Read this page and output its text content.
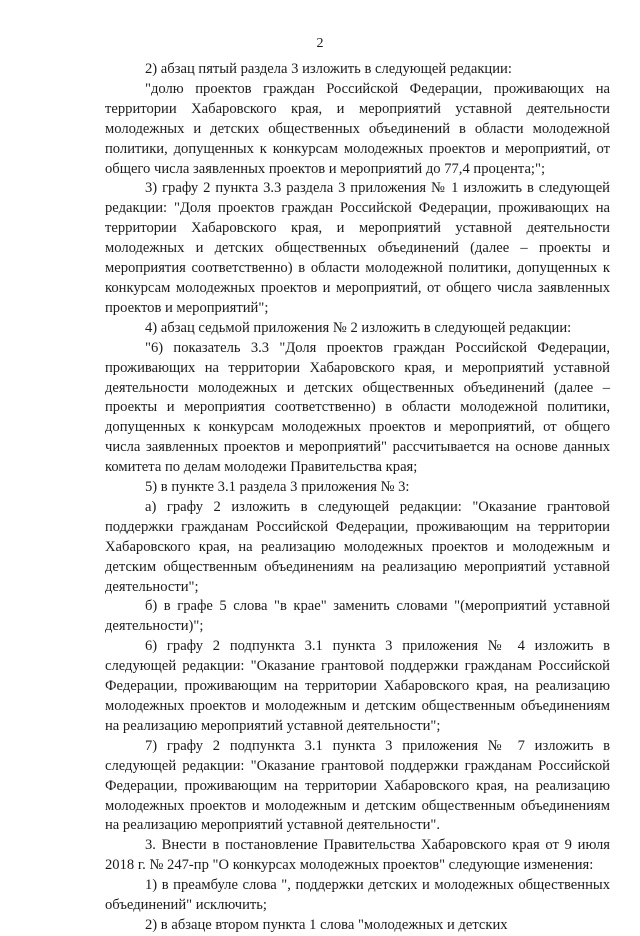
2

2) абзац пятый раздела 3 изложить в следующей редакции:

"долю проектов граждан Российской Федерации, проживающих на территории Хабаровского края, и мероприятий уставной деятельности молодежных и детских общественных объединений в области молодежной политики, допущенных к конкурсам молодежных проектов и мероприятий, от общего числа заявленных проектов и мероприятий до 77,4 процента;";

3) графу 2 пункта 3.3 раздела 3 приложения № 1 изложить в следующей редакции: "Доля проектов граждан Российской Федерации, проживающих на территории Хабаровского края, и мероприятий уставной деятельности молодежных и детских общественных объединений (далее – проекты и мероприятия соответственно) в области молодежной политики, допущенных к конкурсам молодежных проектов и мероприятий, от общего числа заявленных проектов и мероприятий";

4) абзац седьмой приложения № 2 изложить в следующей редакции:

"6) показатель 3.3 "Доля проектов граждан Российской Федерации, проживающих на территории Хабаровского края, и мероприятий уставной деятельности молодежных и детских общественных объединений (далее – проекты и мероприятия соответственно) в области молодежной политики, допущенных к конкурсам молодежных проектов и мероприятий, от общего числа заявленных проектов и мероприятий" рассчитывается на основе данных комитета по делам молодежи Правительства края;

5) в пункте 3.1 раздела 3 приложения № 3:

а) графу 2 изложить в следующей редакции: "Оказание грантовой поддержки гражданам Российской Федерации, проживающим на территории Хабаровского края, на реализацию молодежных проектов и молодежным и детским общественным объединениям на реализацию мероприятий уставной деятельности";

б) в графе 5 слова "в крае" заменить словами "(мероприятий уставной деятельности)";

6) графу 2 подпункта 3.1 пункта 3 приложения № 4 изложить в следующей редакции: "Оказание грантовой поддержки гражданам Российской Федерации, проживающим на территории Хабаровского края, на реализацию молодежных проектов и молодежным и детским общественным объединениям на реализацию мероприятий уставной деятельности";

7) графу 2 подпункта 3.1 пункта 3 приложения № 7 изложить в следующей редакции: "Оказание грантовой поддержки гражданам Российской Федерации, проживающим на территории Хабаровского края, на реализацию молодежных проектов и молодежным и детским общественным объединениям на реализацию мероприятий уставной деятельности".

3. Внести в постановление Правительства Хабаровского края от 9 июля 2018 г. № 247-пр "О конкурсах молодежных проектов" следующие изменения:

1) в преамбуле слова ", поддержки детских и молодежных общественных объединений" исключить;

2) в абзаце втором пункта 1 слова "молодежных и детских
